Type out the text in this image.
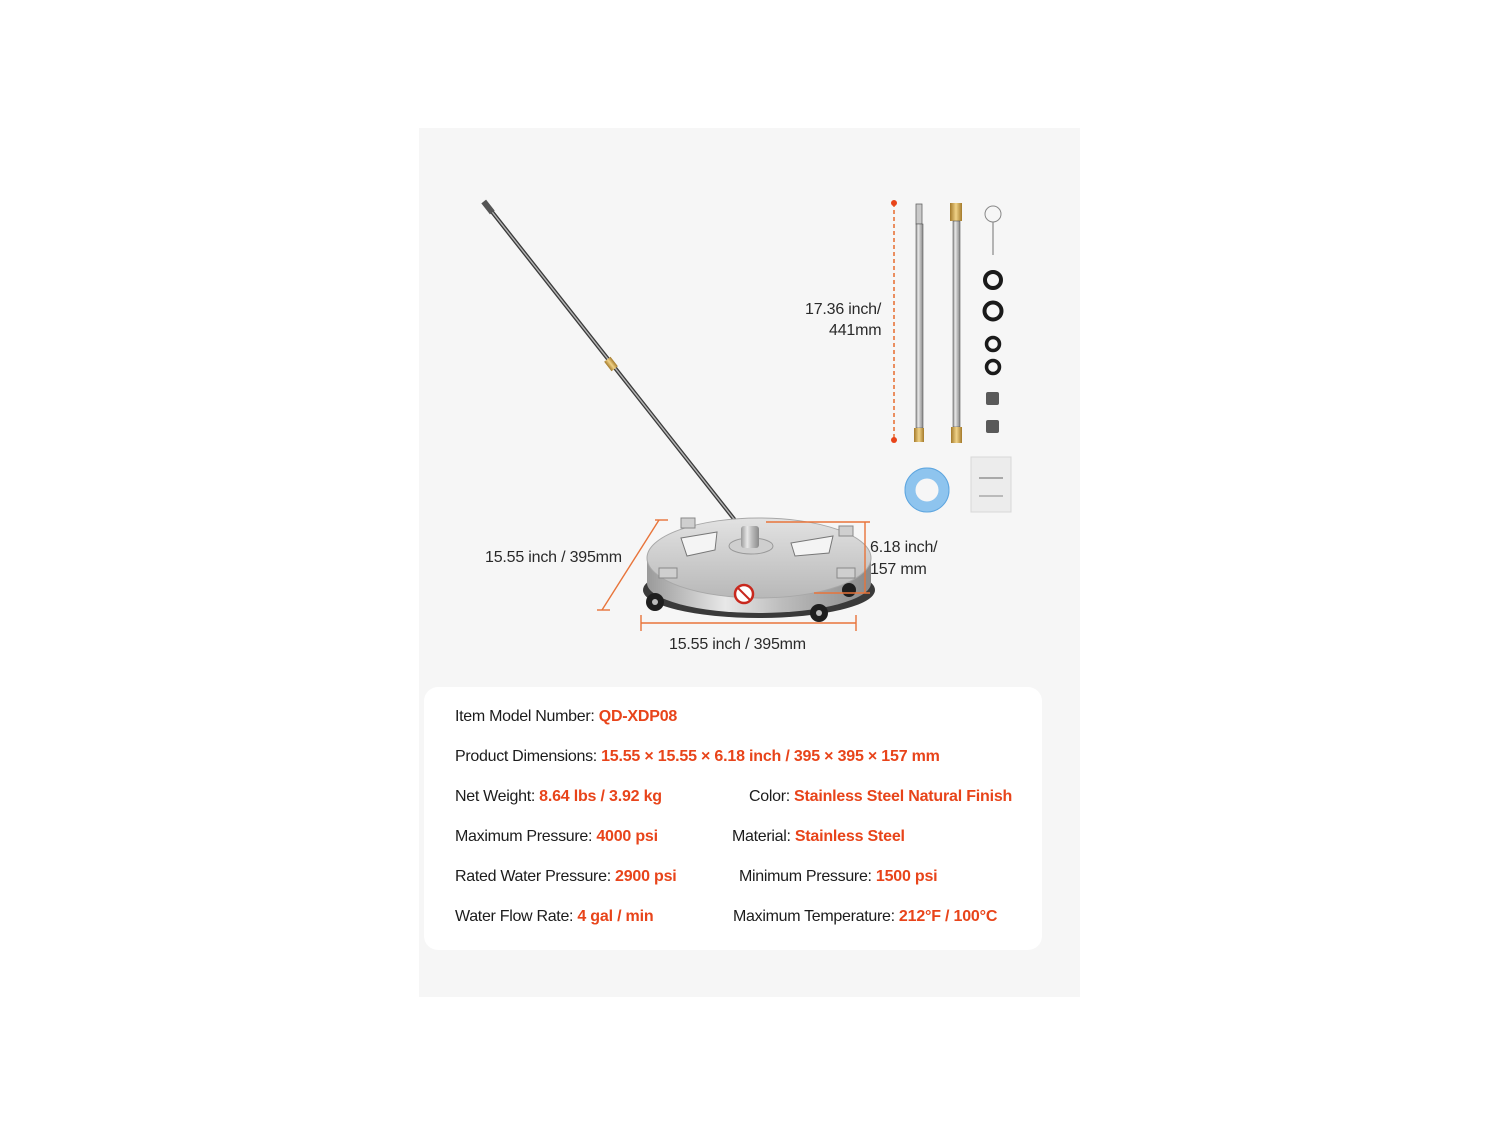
15.55 inch / 395mm
15.55 inch / 395mm
6.18 inch/
157 mm
17.36 inch/
441mm
Item Model Number: QD-XDP08
Product Dimensions: 15.55 × 15.55 × 6.18 inch / 395 × 395 × 157 mm
Net Weight: 8.64 lbs / 3.92 kg	Color: Stainless Steel Natural Finish
Maximum Pressure: 4000 psi	Material: Stainless Steel
Rated Water Pressure: 2900 psi	Minimum Pressure: 1500 psi
Water Flow Rate: 4 gal / min	Maximum Temperature: 212°F / 100°C
